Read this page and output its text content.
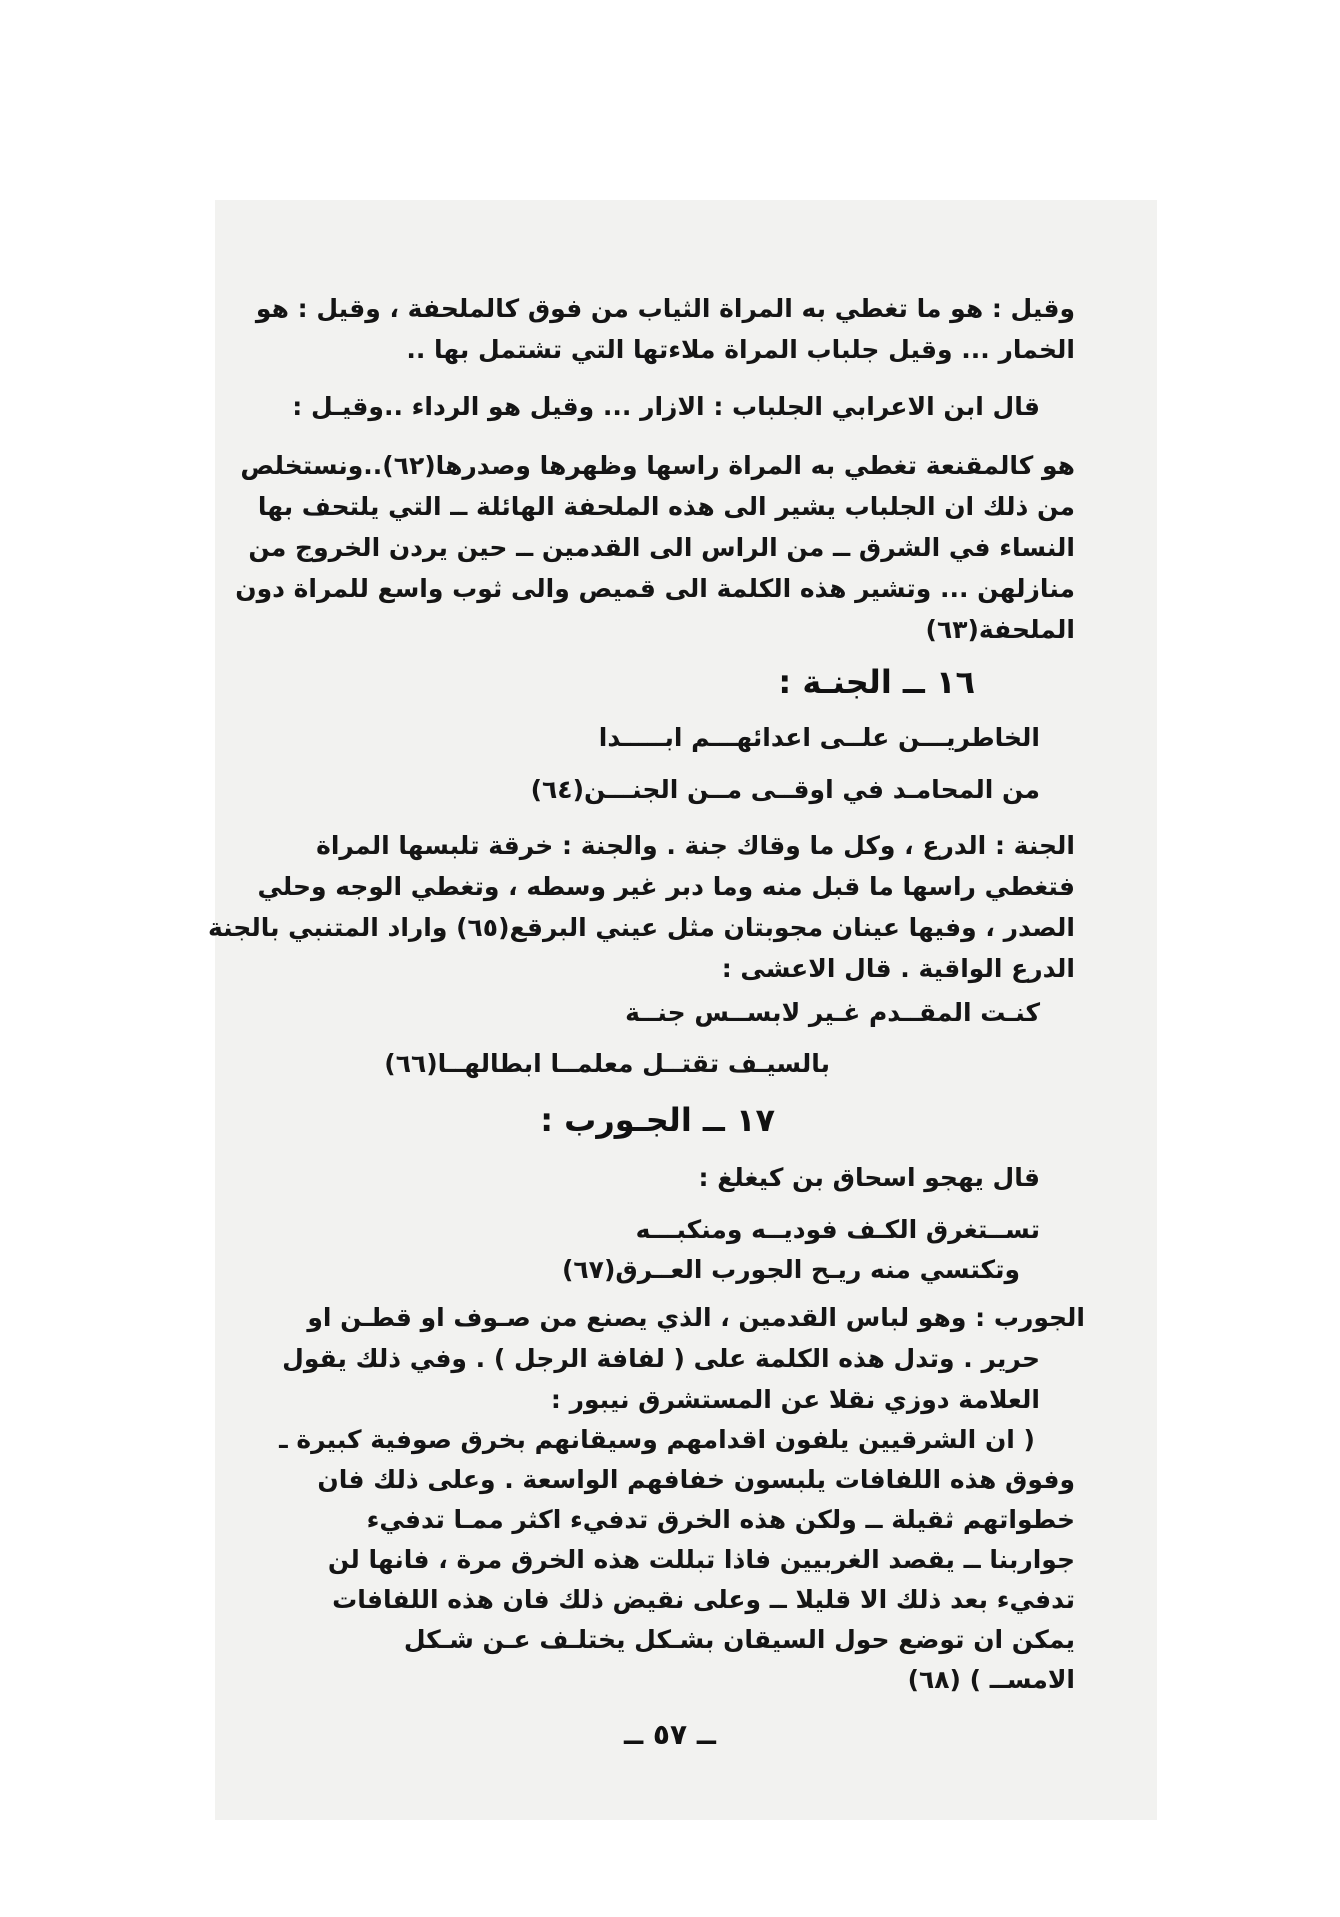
وقيل : هو ما تغطي به المراة الثياب من فوق كالملحفة ، وقيل : هو
الخمار ... وقيل جلباب المراة ملاءتها التي تشتمل بها ..
قال ابن الاعرابي الجلباب : الازار ... وقيل هو الرداء ..وقيـل :
هو كالمقنعة تغطي به المراة راسها وظهرها وصدرها(٦٢)..ونستخلص
من ذلك ان الجلباب يشير الى هذه الملحفة الهائلة ــ التي يلتحف بها
النساء في الشرق ــ من الراس الى القدمين ــ حين يردن الخروج من
منازلهن ... وتشير هذه الكلمة الى قميص والى ثوب واسع للمراة دون
الملحفة(٦٣)
١٦ ــ الجنـة :
الخاطريـــن علــى اعدائهـــم ابـــــدا
من المحامـد في اوقــى مــن الجنـــن(٦٤)
الجنة : الدرع ، وكل ما وقاك جنة . والجنة : خرقة تلبسها المراة
فتغطي راسها ما قبل منه وما دبر غير وسطه ، وتغطي الوجه وحلي
الصدر ، وفيها عينان مجوبتان مثل عيني البرقع(٦٥) واراد المتنبي بالجنة
الدرع الواقية . قال الاعشى :
كنـت المقــدم غـير لابســس جنــة
بالسيـف تقتــل معلمــا ابطالهــا(٦٦)
١٧ ــ الجـورب :
قال يهجو اسحاق بن كيغلغ :
تســتغرق الكـف فوديــه ومنكبـــه
وتكتسي منه ريـح الجورب العــرق(٦٧)
الجورب : وهو لباس القدمين ، الذي يصنع من صـوف او قطـن او
حرير . وتدل هذه الكلمة على ( لفافة الرجل ) . وفي ذلك يقول
العلامة دوزي نقلا عن المستشرق نيبور :
( ان الشرقيين يلفون اقدامهم وسيقانهم بخرق صوفية كبيرة ـ
وفوق هذه اللفافات يلبسون خفافهم الواسعة . وعلى ذلك فان
خطواتهم ثقيلة ــ ولكن هذه الخرق تدفيء اكثر ممـا تدفيء
جواربنا ــ يقصد الغربيين فاذا تبللت هذه الخرق مرة ، فانها لن
تدفيء بعد ذلك الا قليلا ــ وعلى نقيض ذلك فان هذه اللفافات
يمكن ان توضع حول السيقان بشـكل يختلـف عـن شـكل
الامســ ) (٦٨)
ــ ٥٧ ــ
